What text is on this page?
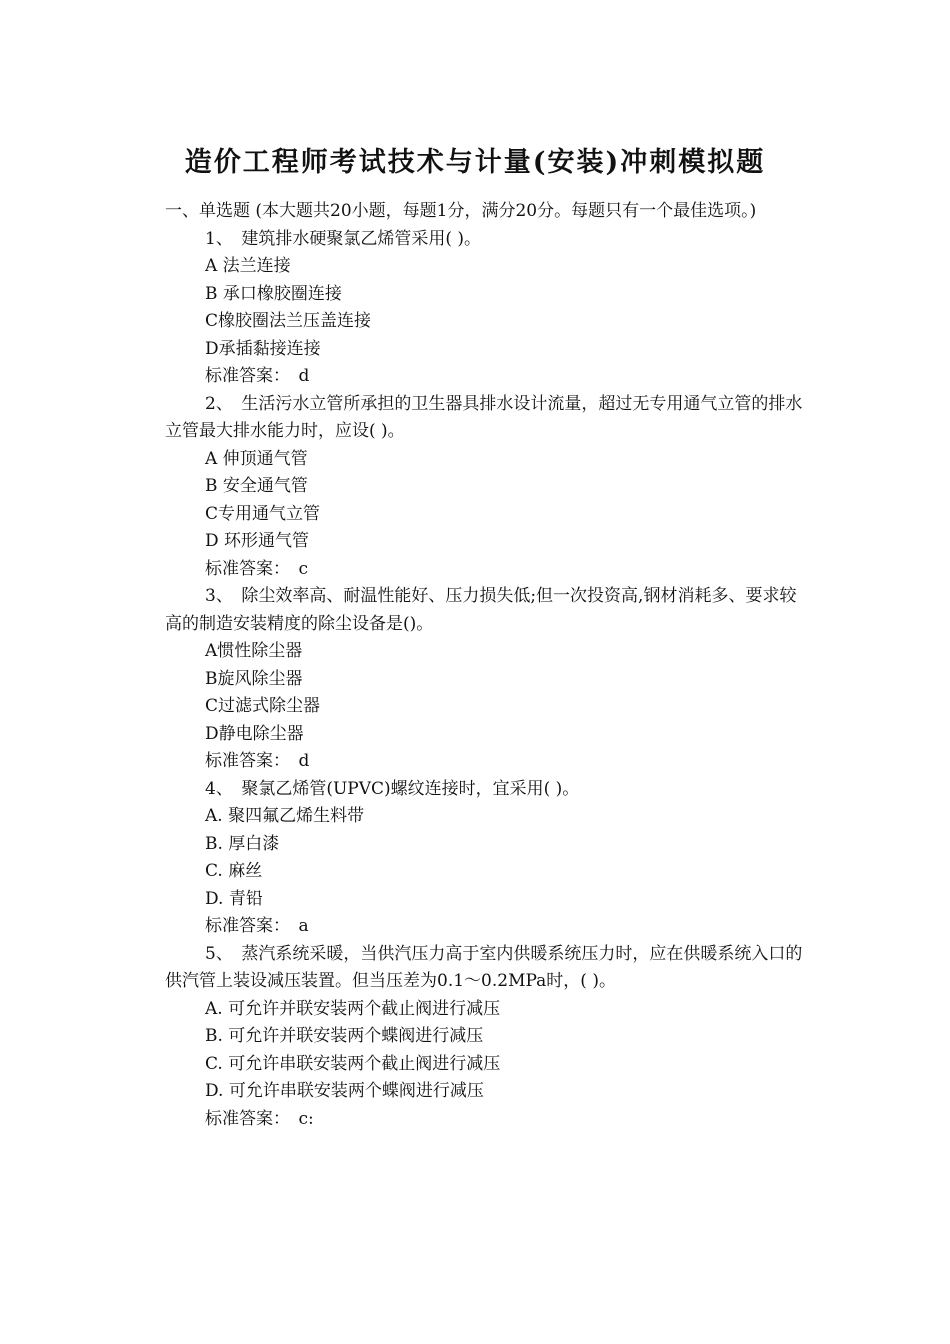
造价工程师考试技术与计量(安装)冲刺模拟题
一、单选题 (本大题共20小题，每题1分，满分20分。每题只有一个最佳选项。)
1、　建筑排水硬聚氯乙烯管采用( )。
A 法兰连接
B 承口橡胶圈连接
C橡胶圈法兰压盖连接
D承插黏接连接
标准答案：　d
2、　生活污水立管所承担的卫生器具排水设计流量，超过无专用通气立管的排水立管最大排水能力时，应设( )。
A 伸顶通气管
B 安全通气管
C专用通气立管
D 环形通气管
标准答案：　c
3、　除尘效率高、耐温性能好、压力损失低;但一次投资高,钢材消耗多、要求较高的制造安装精度的除尘设备是()。
A惯性除尘器
B旋风除尘器
C过滤式除尘器
D静电除尘器
标准答案：　d
4、　聚氯乙烯管(UPVC)螺纹连接时，宜采用( )。
A. 聚四氟乙烯生料带
B. 厚白漆
C. 麻丝
D. 青铅
标准答案：　a
5、　蒸汽系统采暖，当供汽压力高于室内供暖系统压力时，应在供暖系统入口的供汽管上装设减压装置。但当压差为0.1～0.2MPa时，( )。
A. 可允许并联安装两个截止阀进行减压
B. 可允许并联安装两个蝶阀进行减压
C. 可允许串联安装两个截止阀进行减压
D. 可允许串联安装两个蝶阀进行减压
标准答案：　c:
